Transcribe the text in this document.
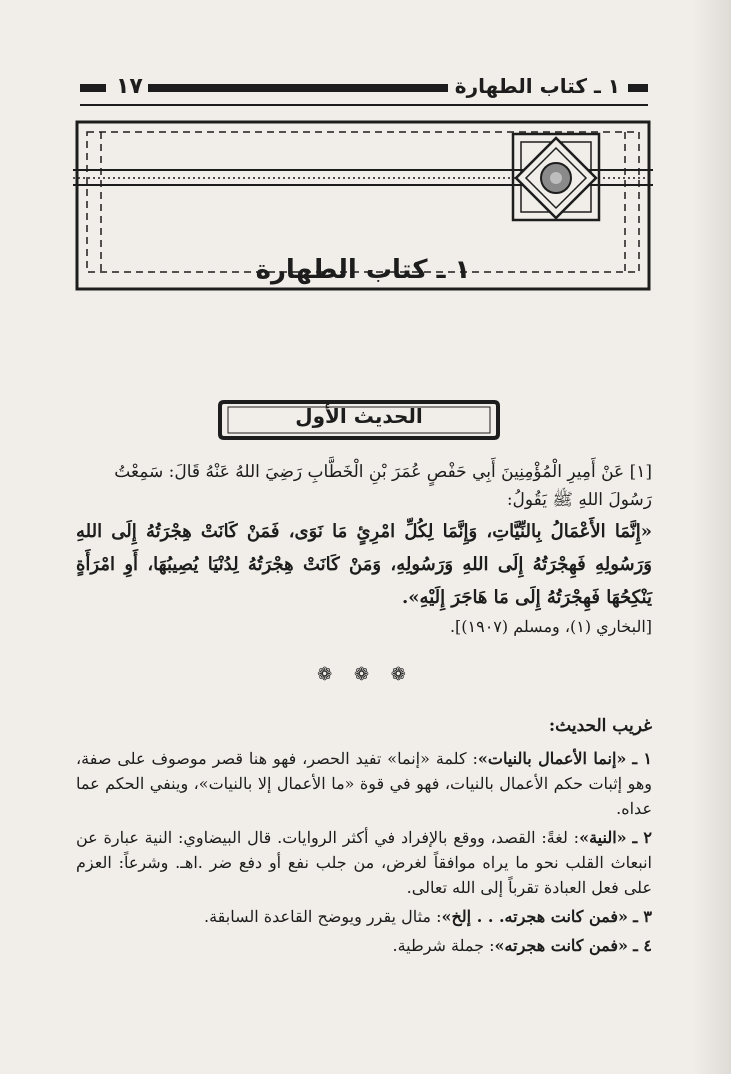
١٧	١ ـ كتاب الطهارة
١ ـ كتاب الطهارة
الحديث الأول
[١] عَنْ أَمِيرِ الْمُؤْمِنِينَ أَبِي حَفْصٍ عُمَرَ بْنِ الْخَطَّابِ رَضِيَ اللهُ عَنْهُ قَالَ: سَمِعْتُ رَسُولَ اللهِ ﷺ يَقُولُ:
«إِنَّمَا الأَعْمَالُ بِالنِّيَّاتِ، وَإِنَّمَا لِكُلِّ امْرِئٍ مَا نَوَى، فَمَنْ كَانَتْ هِجْرَتُهُ إِلَى اللهِ وَرَسُولِهِ فَهِجْرَتُهُ إِلَى اللهِ وَرَسُولِهِ، وَمَنْ كَانَتْ هِجْرَتُهُ لِدُنْيَا يُصِيبُهَا، أَوِ امْرَأَةٍ يَنْكِحُهَا فَهِجْرَتُهُ إِلَى مَا هَاجَرَ إِلَيْهِ».
[البخاري (١)، ومسلم (١٩٠٧)].
❁ ❁ ❁
غريب الحديث:

١ ـ «إنما الأعمال بالنيات»: كلمة «إنما» تفيد الحصر، فهو هنا قصر موصوف على صفة، وهو إثبات حكم الأعمال بالنيات، فهو في قوة «ما الأعمال إلا بالنيات»، وينفي الحكم عما عداه.

٢ ـ «النية»: لغةً: القصد، ووقع بالإفراد في أكثر الروايات. قال البيضاوي: النية عبارة عن انبعاث القلب نحو ما يراه موافقاً لغرض، من جلب نفع أو دفع ضر .اهـ. وشرعاً: العزم على فعل العبادة تقرباً إلى الله تعالى.

٣ ـ «فمن كانت هجرته. . . إلخ»: مثال يقرر ويوضح القاعدة السابقة.

٤ ـ «فمن كانت هجرته»: جملة شرطية.
